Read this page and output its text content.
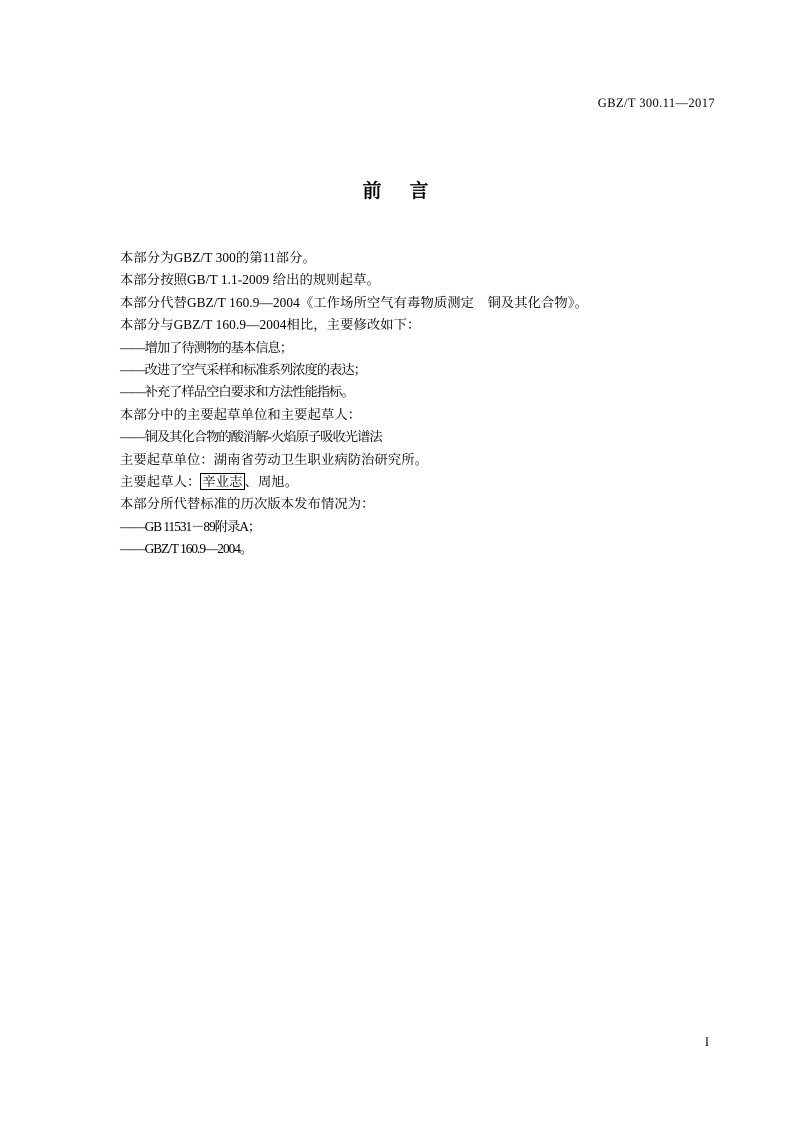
GBZ/T 300.11—2017
前 言
本部分为GBZ/T 300的第11部分。
本部分按照GB/T 1.1-2009 给出的规则起草。
本部分代替GBZ/T 160.9—2004《工作场所空气有毒物质测定　铜及其化合物》。
本部分与GBZ/T 160.9—2004相比，主要修改如下：
——增加了待测物的基本信息；
——改进了空气采样和标准系列浓度的表达；
——补充了样品空白要求和方法性能指标。
本部分中的主要起草单位和主要起草人：
——铜及其化合物的酸消解-火焰原子吸收光谱法
主要起草单位：湖南省劳动卫生职业病防治研究所。
主要起草人： 辛业志 、周旭。
本部分所代替标准的历次版本发布情况为：
——GB 11531－89附录A；
——GBZ/T 160.9—2004。
I
